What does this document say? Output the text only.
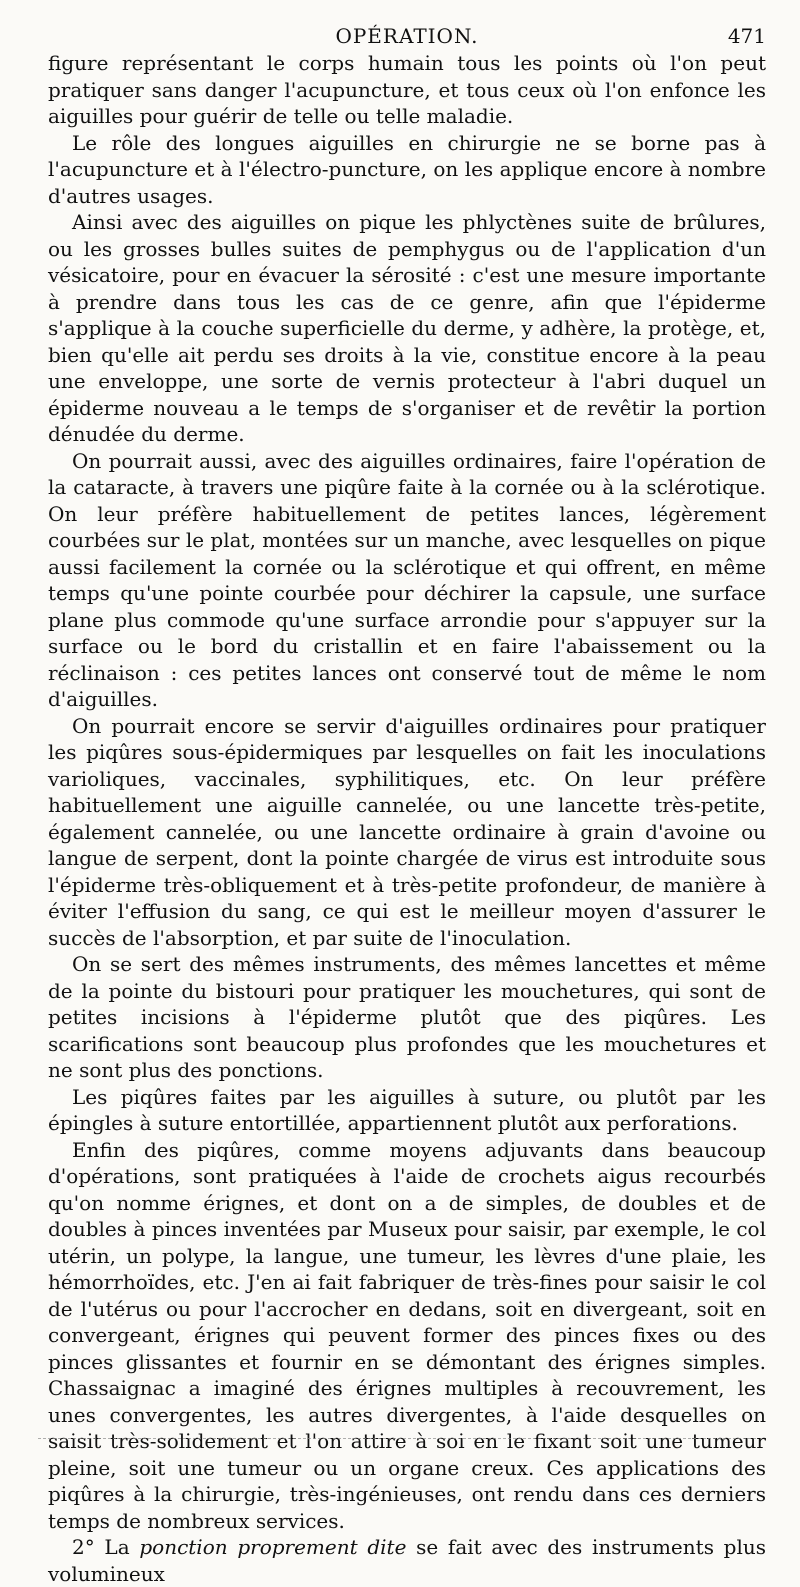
OPÉRATION.	471

figure représentant le corps humain tous les points où l'on peut pratiquer sans danger l'acupuncture, et tous ceux où l'on enfonce les aiguilles pour guérir de telle ou telle maladie.

Le rôle des longues aiguilles en chirurgie ne se borne pas à l'acupuncture et à l'électro-puncture, on les applique encore à nombre d'autres usages.

Ainsi avec des aiguilles on pique les phlyctènes suite de brûlures, ou les grosses bulles suites de pemphygus ou de l'application d'un vésicatoire, pour en évacuer la sérosité : c'est une mesure importante à prendre dans tous les cas de ce genre, afin que l'épiderme s'applique à la couche superficielle du derme, y adhère, la protège, et, bien qu'elle ait perdu ses droits à la vie, constitue encore à la peau une enveloppe, une sorte de vernis protecteur à l'abri duquel un épiderme nouveau a le temps de s'organiser et de revêtir la portion dénudée du derme.

On pourrait aussi, avec des aiguilles ordinaires, faire l'opération de la cataracte, à travers une piqûre faite à la cornée ou à la sclérotique. On leur préfère habituellement de petites lances, légèrement courbées sur le plat, montées sur un manche, avec lesquelles on pique aussi facilement la cornée ou la sclérotique et qui offrent, en même temps qu'une pointe courbée pour déchirer la capsule, une surface plane plus commode qu'une surface arrondie pour s'appuyer sur la surface ou le bord du cristallin et en faire l'abaissement ou la réclinaison : ces petites lances ont conservé tout de même le nom d'aiguilles.

On pourrait encore se servir d'aiguilles ordinaires pour pratiquer les piqûres sous-épidermiques par lesquelles on fait les inoculations varioliques, vaccinales, syphilitiques, etc. On leur préfère habituellement une aiguille cannelée, ou une lancette très-petite, également cannelée, ou une lancette ordinaire à grain d'avoine ou langue de serpent, dont la pointe chargée de virus est introduite sous l'épiderme très-obliquement et à très-petite profondeur, de manière à éviter l'effusion du sang, ce qui est le meilleur moyen d'assurer le succès de l'absorption, et par suite de l'inoculation.

On se sert des mêmes instruments, des mêmes lancettes et même de la pointe du bistouri pour pratiquer les mouchetures, qui sont de petites incisions à l'épiderme plutôt que des piqûres. Les scarifications sont beaucoup plus profondes que les mouchetures et ne sont plus des ponctions.

Les piqûres faites par les aiguilles à suture, ou plutôt par les épingles à suture entortillée, appartiennent plutôt aux perforations.

Enfin des piqûres, comme moyens adjuvants dans beaucoup d'opérations, sont pratiquées à l'aide de crochets aigus recourbés qu'on nomme érignes, et dont on a de simples, de doubles et de doubles à pinces inventées par Museux pour saisir, par exemple, le col utérin, un polype, la langue, une tumeur, les lèvres d'une plaie, les hémorrhoïdes, etc. J'en ai fait fabriquer de très-fines pour saisir le col de l'utérus ou pour l'accrocher en dedans, soit en divergeant, soit en convergeant, érignes qui peuvent former des pinces fixes ou des pinces glissantes et fournir en se démontant des érignes simples. Chassaignac a imaginé des érignes multiples à recouvrement, les unes convergentes, les autres divergentes, à l'aide desquelles on saisit très-solidement et l'on attire à soi en le fixant soit une tumeur pleine, soit une tumeur ou un organe creux. Ces applications des piqûres à la chirurgie, très-ingénieuses, ont rendu dans ces derniers temps de nombreux services.

2° La ponction proprement dite se fait avec des instruments plus volumineux
